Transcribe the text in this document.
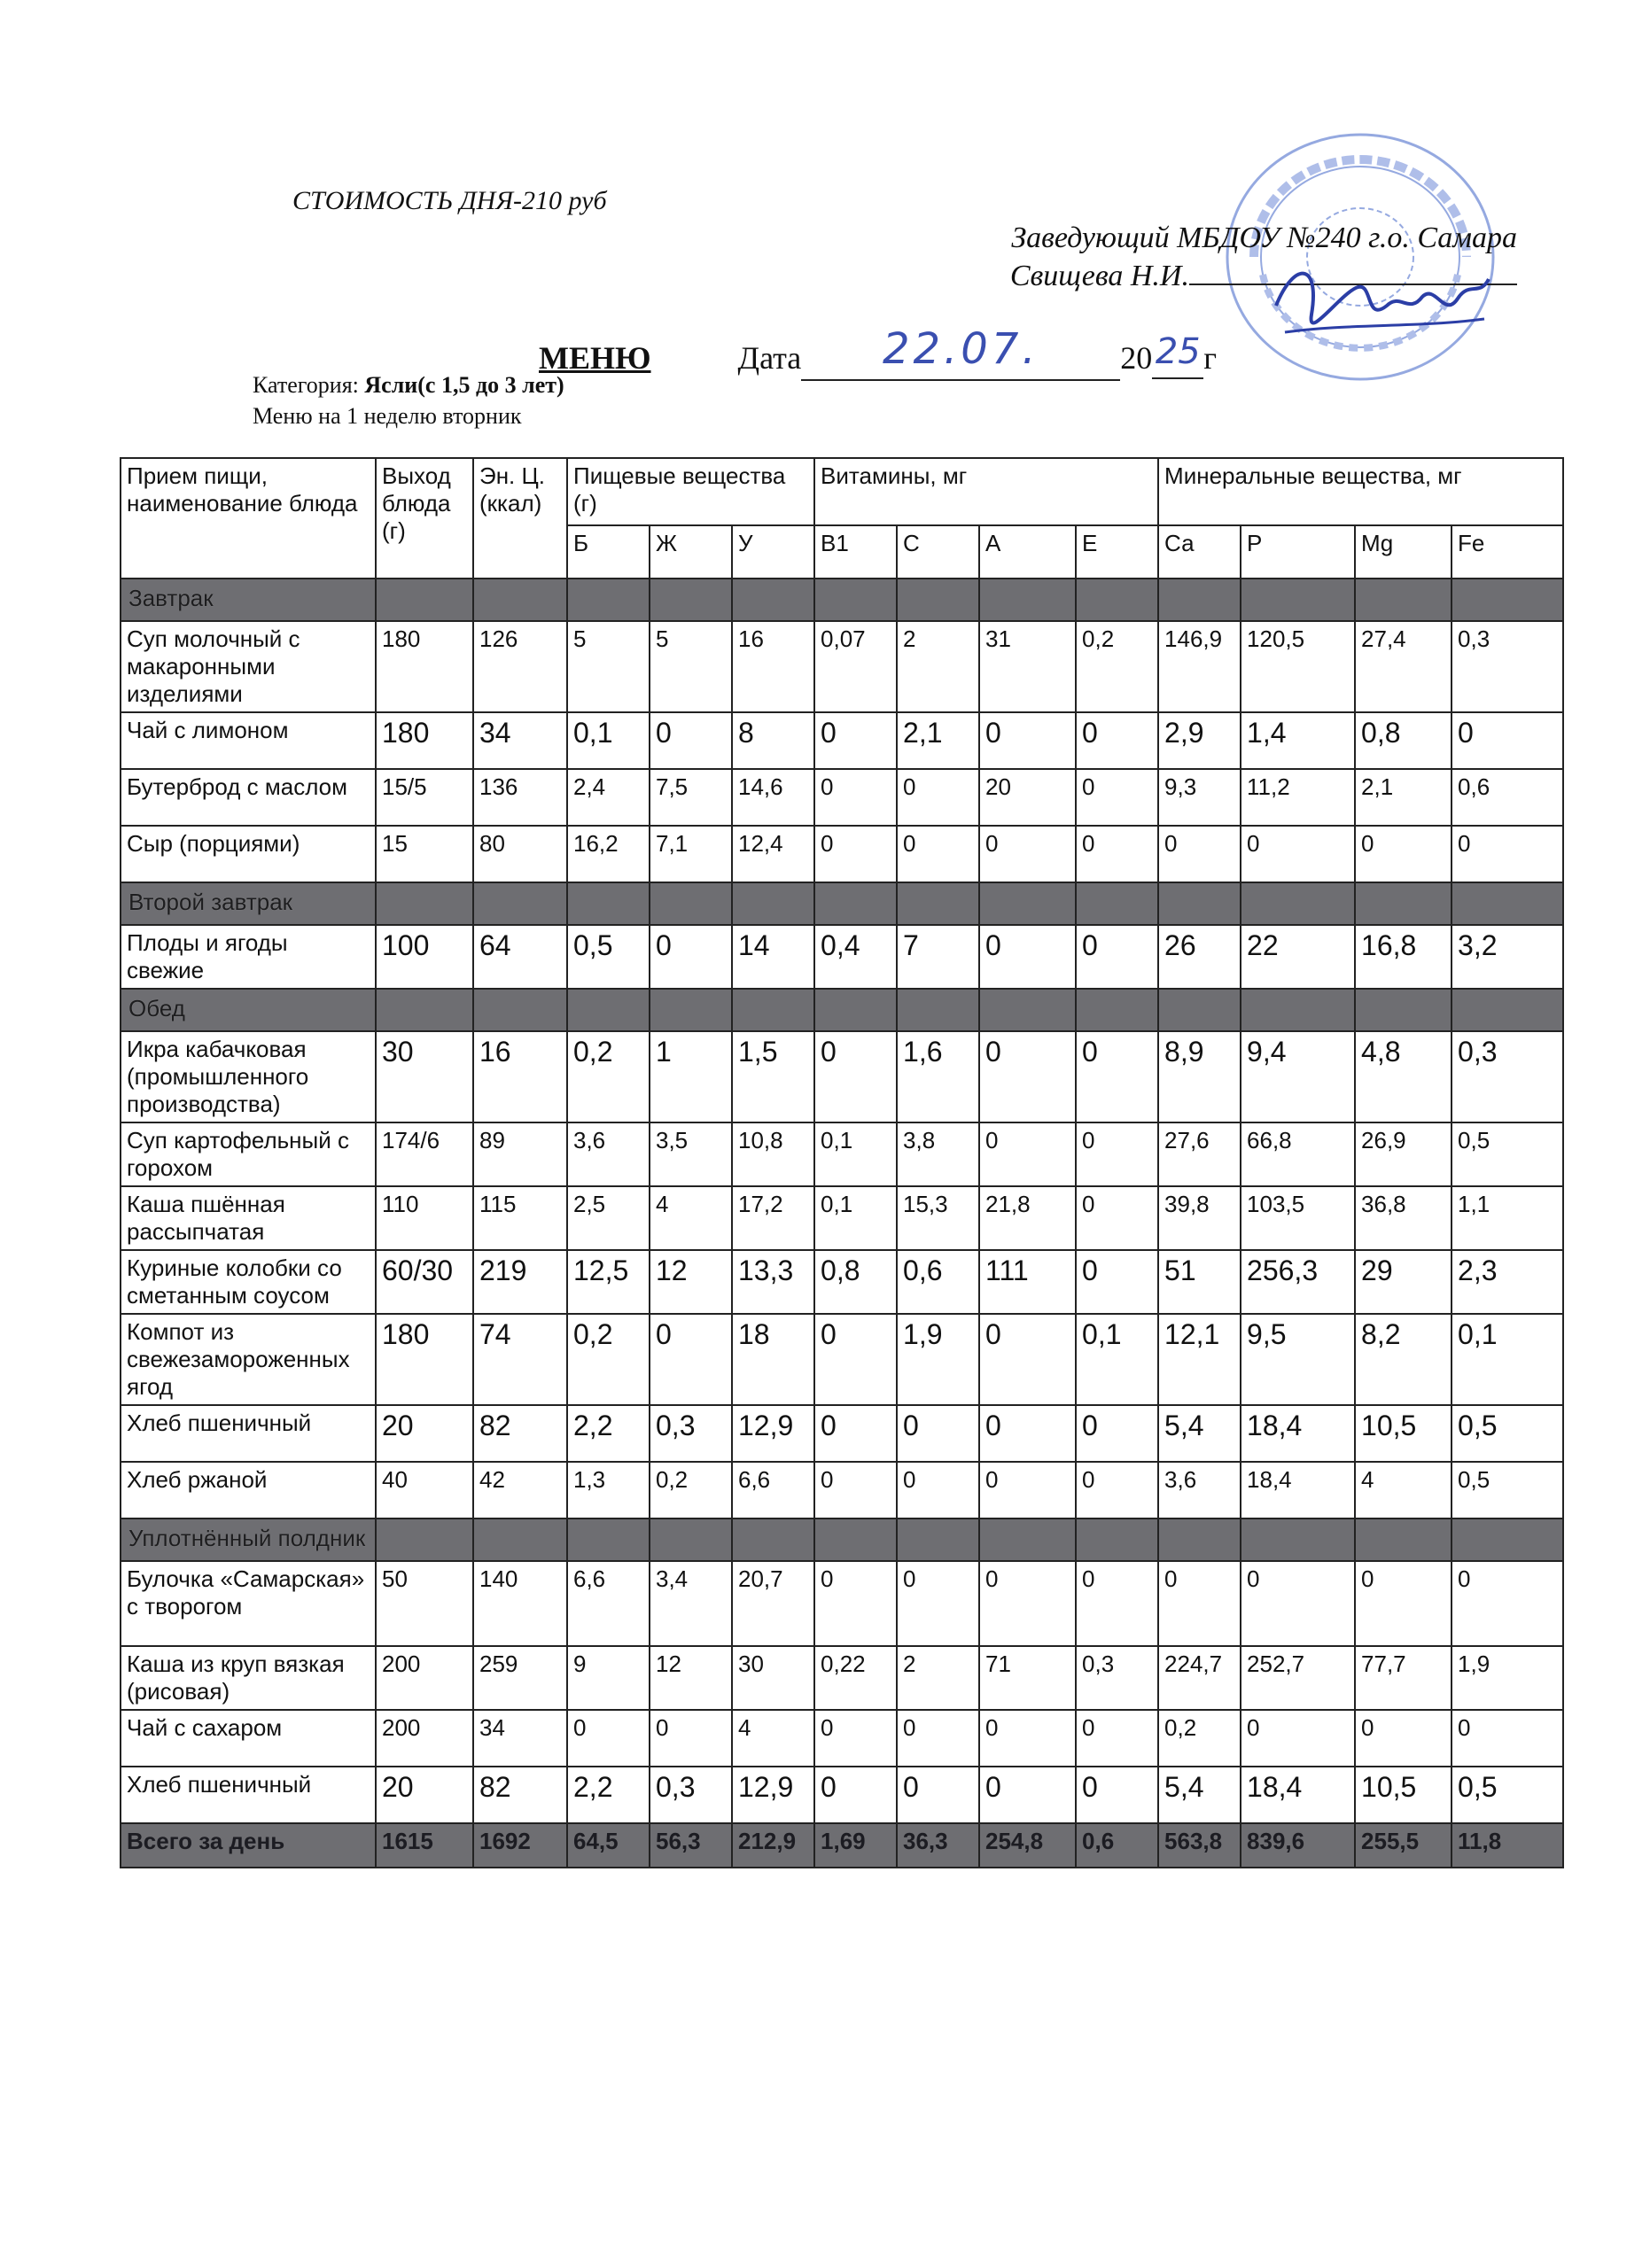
СТОИМОСТЬ ДНЯ-210 руб
Заведующий МБДОУ №240 г.о. Самара
Свищева Н.И.
МЕНЮ	Дата 22.07.	2025г
Категория: Ясли(с 1,5 до 3 лет)
Меню на 1 неделю вторник
Прием пищи, наименование блюда	Выход блюда (г)	Эн. Ц. (ккал)	Пищевые вещества (г)			Витамины, мг				Минеральные вещества, мг			
			Б	Ж	У	B1	С	А	Е	Са	Р	Mg	Fe
Завтрак													
Суп молочный с макаронными изделиями	180	126	5	5	16	0,07	2	31	0,2	146,9	120,5	27,4	0,3
Чай с лимоном	180	34	0,1	0	8	0	2,1	0	0	2,9	1,4	0,8	0
Бутерброд с маслом	15/5	136	2,4	7,5	14,6	0	0	20	0	9,3	11,2	2,1	0,6
Сыр (порциями)	15	80	16,2	7,1	12,4	0	0	0	0	0	0	0	0
Второй завтрак													
Плоды и ягоды свежие	100	64	0,5	0	14	0,4	7	0	0	26	22	16,8	3,2
Обед													
Икра кабачковая (промышленного производства)	30	16	0,2	1	1,5	0	1,6	0	0	8,9	9,4	4,8	0,3
Суп картофельный с горохом	174/6	89	3,6	3,5	10,8	0,1	3,8	0	0	27,6	66,8	26,9	0,5
Каша пшённая рассыпчатая	110	115	2,5	4	17,2	0,1	15,3	21,8	0	39,8	103,5	36,8	1,1
Куриные колобки со сметанным соусом	60/30	219	12,5	12	13,3	0,8	0,6	111	0	51	256,3	29	2,3
Компот из свежезамороженных ягод	180	74	0,2	0	18	0	1,9	0	0,1	12,1	9,5	8,2	0,1
Хлеб пшеничный	20	82	2,2	0,3	12,9	0	0	0	0	5,4	18,4	10,5	0,5
Хлеб ржаной	40	42	1,3	0,2	6,6	0	0	0	0	3,6	18,4	4	0,5
Уплотнённый полдник													
Булочка «Самарская» с творогом	50	140	6,6	3,4	20,7	0	0	0	0	0	0	0	0
Каша из круп вязкая (рисовая)	200	259	9	12	30	0,22	2	71	0,3	224,7	252,7	77,7	1,9
Чай с сахаром	200	34	0	0	4	0	0	0	0	0,2	0	0	0
Хлеб пшеничный	20	82	2,2	0,3	12,9	0	0	0	0	5,4	18,4	10,5	0,5
Всего за день	1615	1692	64,5	56,3	212,9	1,69	36,3	254,8	0,6	563,8	839,6	255,5	11,8
